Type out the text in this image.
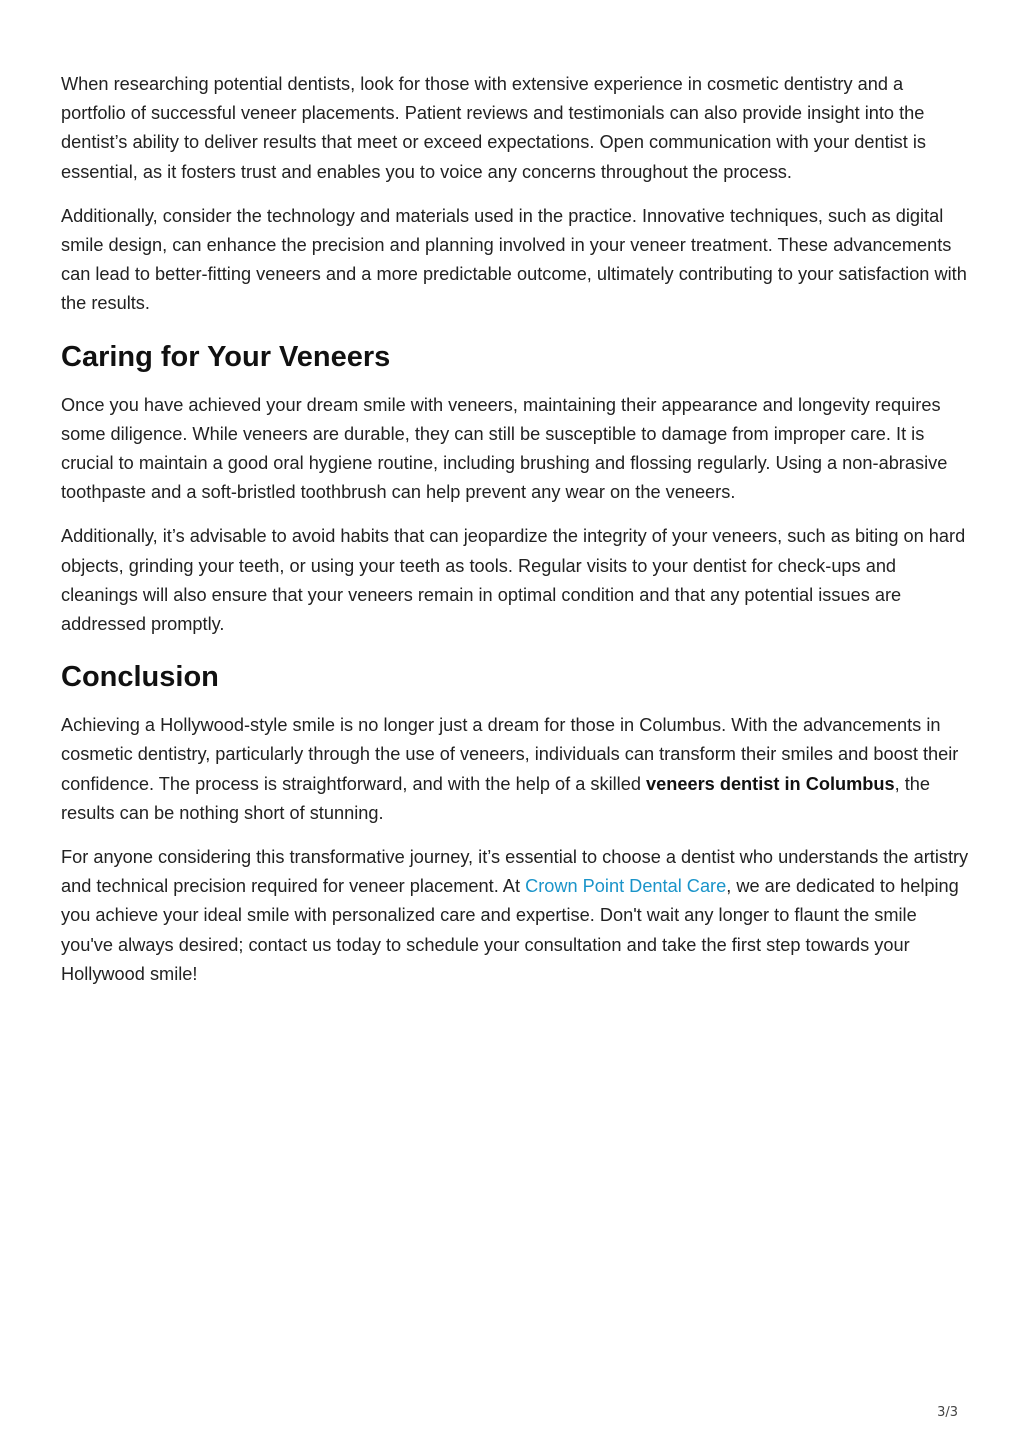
When researching potential dentists, look for those with extensive experience in cosmetic dentistry and a portfolio of successful veneer placements. Patient reviews and testimonials can also provide insight into the dentist’s ability to deliver results that meet or exceed expectations. Open communication with your dentist is essential, as it fosters trust and enables you to voice any concerns throughout the process.

Additionally, consider the technology and materials used in the practice. Innovative techniques, such as digital smile design, can enhance the precision and planning involved in your veneer treatment. These advancements can lead to better-fitting veneers and a more predictable outcome, ultimately contributing to your satisfaction with the results.

Caring for Your Veneers

Once you have achieved your dream smile with veneers, maintaining their appearance and longevity requires some diligence. While veneers are durable, they can still be susceptible to damage from improper care. It is crucial to maintain a good oral hygiene routine, including brushing and flossing regularly. Using a non-abrasive toothpaste and a soft-bristled toothbrush can help prevent any wear on the veneers.

Additionally, it’s advisable to avoid habits that can jeopardize the integrity of your veneers, such as biting on hard objects, grinding your teeth, or using your teeth as tools. Regular visits to your dentist for check-ups and cleanings will also ensure that your veneers remain in optimal condition and that any potential issues are addressed promptly.

Conclusion

Achieving a Hollywood-style smile is no longer just a dream for those in Columbus. With the advancements in cosmetic dentistry, particularly through the use of veneers, individuals can transform their smiles and boost their confidence. The process is straightforward, and with the help of a skilled veneers dentist in Columbus, the results can be nothing short of stunning.

For anyone considering this transformative journey, it’s essential to choose a dentist who understands the artistry and technical precision required for veneer placement. At Crown Point Dental Care, we are dedicated to helping you achieve your ideal smile with personalized care and expertise. Don't wait any longer to flaunt the smile you've always desired; contact us today to schedule your consultation and take the first step towards your Hollywood smile!

3/3
